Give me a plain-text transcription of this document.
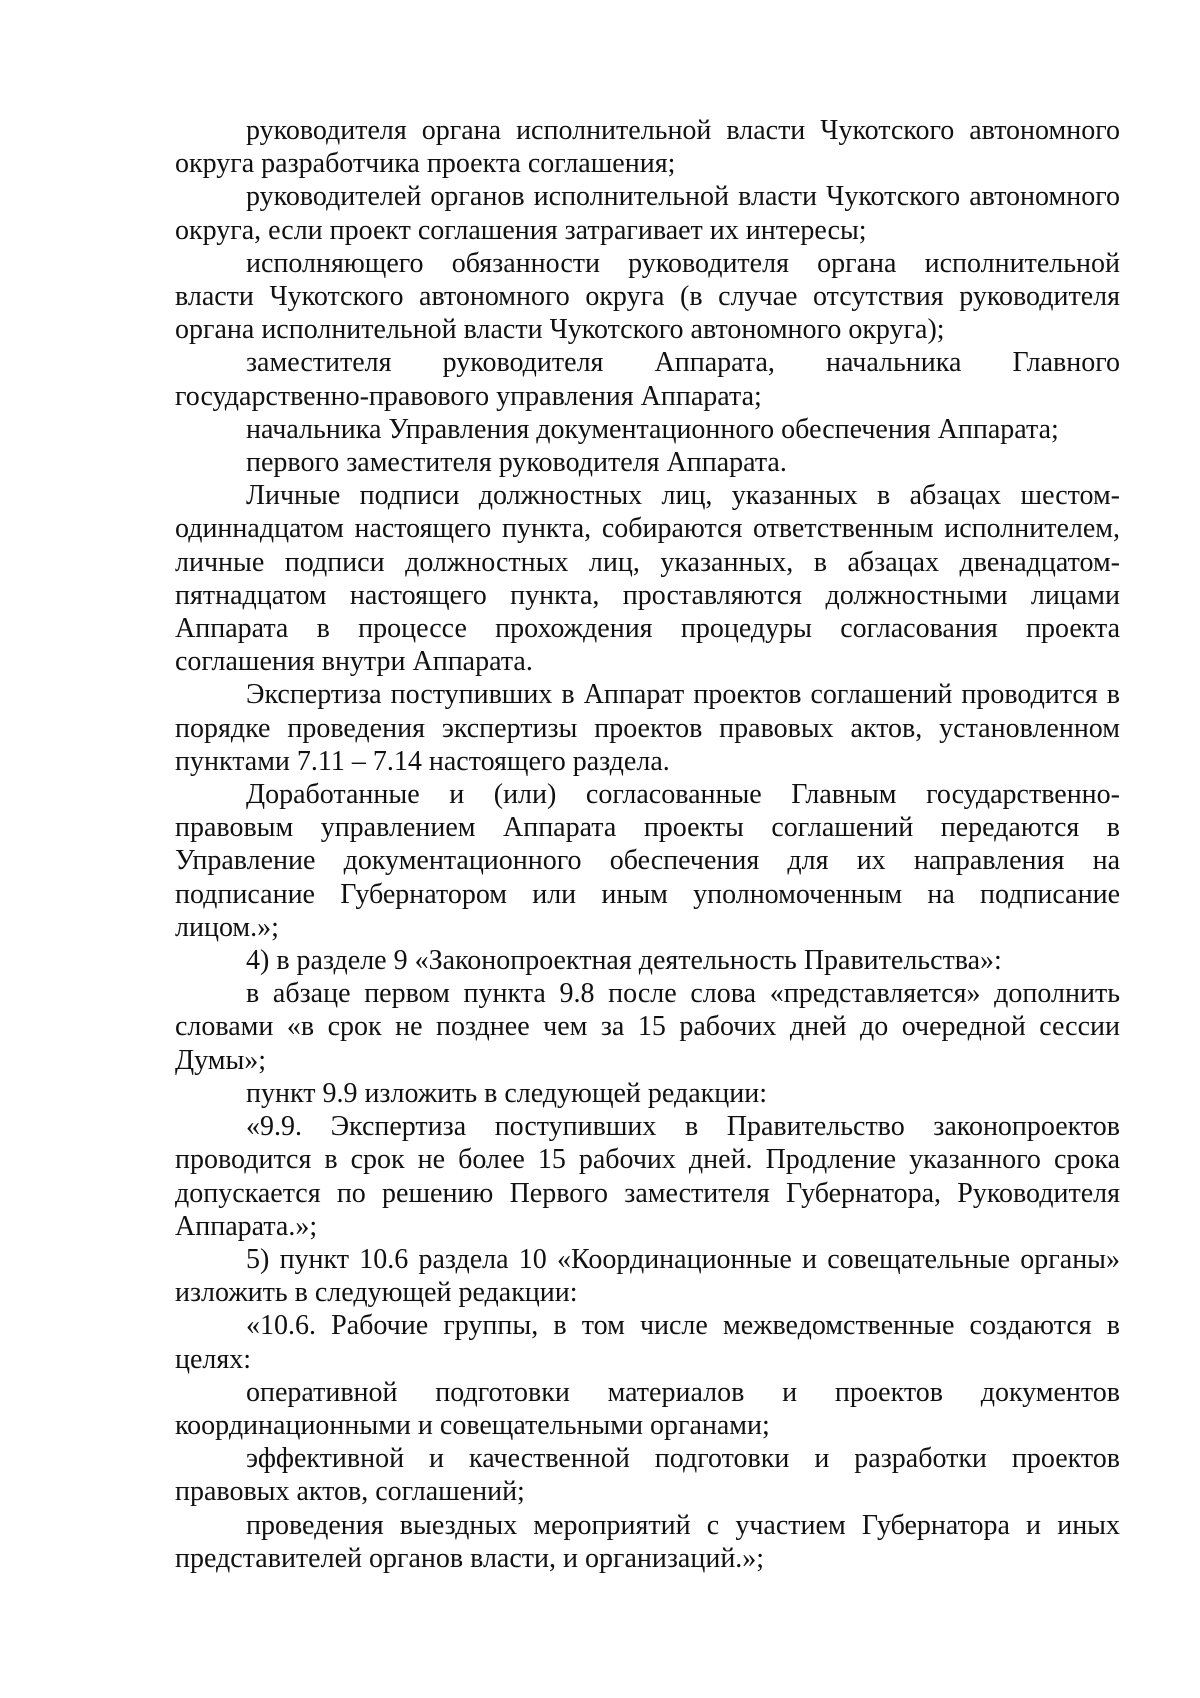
руководителя органа исполнительной власти Чукотского автономного округа разработчика проекта соглашения;

руководителей органов исполнительной власти Чукотского автономного округа, если проект соглашения затрагивает их интересы;

исполняющего обязанности руководителя органа исполнительной власти Чукотского автономного округа (в случае отсутствия руководителя органа исполнительной власти Чукотского автономного округа);

заместителя руководителя Аппарата, начальника Главного государственно-правового управления Аппарата;

начальника Управления документационного обеспечения Аппарата;

первого заместителя руководителя Аппарата.

Личные подписи должностных лиц, указанных в абзацах шестом-одиннадцатом настоящего пункта, собираются ответственным исполнителем, личные подписи должностных лиц, указанных, в абзацах двенадцатом-пятнадцатом настоящего пункта, проставляются должностными лицами Аппарата в процессе прохождения процедуры согласования проекта соглашения внутри Аппарата.

Экспертиза поступивших в Аппарат проектов соглашений проводится в порядке проведения экспертизы проектов правовых актов, установленном пунктами 7.11 – 7.14 настоящего раздела.

Доработанные и (или) согласованные Главным государственно-правовым управлением Аппарата проекты соглашений передаются в Управление документационного обеспечения для их направления на подписание Губернатором или иным уполномоченным на подписание лицом.»;

4) в разделе 9 «Законопроектная деятельность Правительства»:

в абзаце первом пункта 9.8 после слова «представляется» дополнить словами «в срок не позднее чем за 15 рабочих дней до очередной сессии Думы»;

пункт 9.9 изложить в следующей редакции:

«9.9. Экспертиза поступивших в Правительство законопроектов проводится в срок не более 15 рабочих дней. Продление указанного срока допускается по решению Первого заместителя Губернатора, Руководителя Аппарата.»;

5) пункт 10.6 раздела 10 «Координационные и совещательные органы» изложить в следующей редакции:

«10.6. Рабочие группы, в том числе межведомственные создаются в целях:

оперативной подготовки материалов и проектов документов координационными и совещательными органами;

эффективной и качественной подготовки и разработки проектов правовых актов, соглашений;

проведения выездных мероприятий с участием Губернатора и иных представителей органов власти, и организаций.»;
